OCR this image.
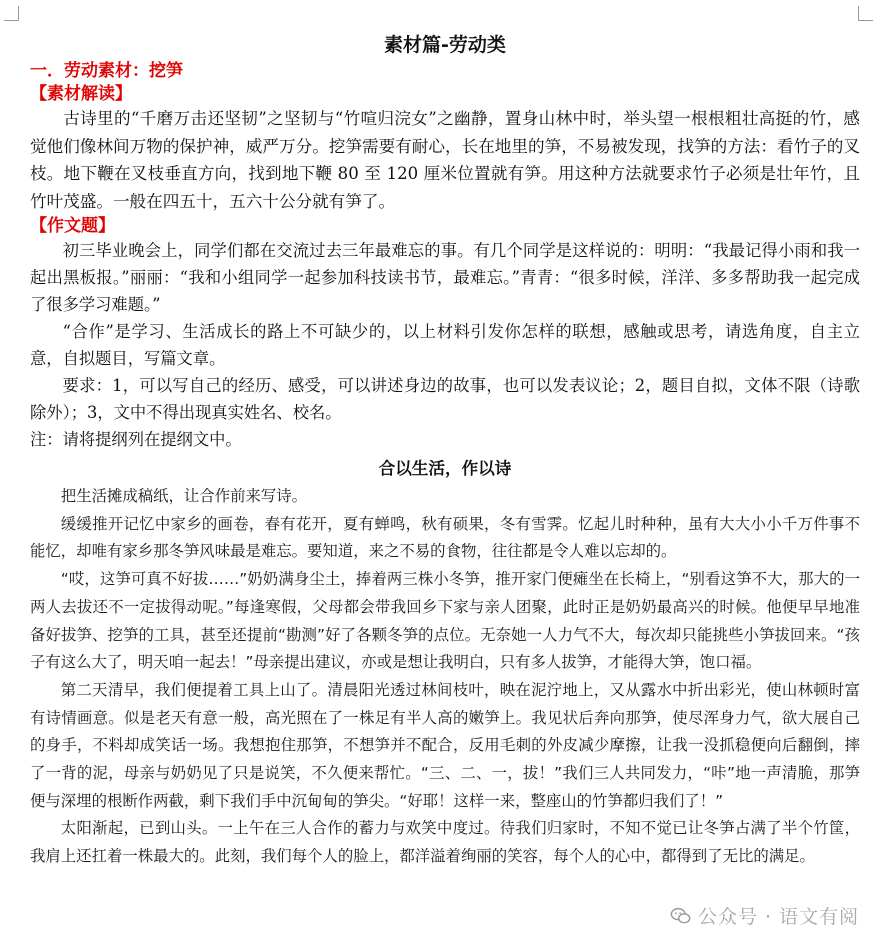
素材篇-劳动类
一．劳动素材：挖笋
【素材解读】

古诗里的“千磨万击还坚韧”之坚韧与“竹喧归浣女”之幽静，置身山林中时，举头望一根根粗壮高挺的竹，感觉他们像林间万物的保护神，威严万分。挖笋需要有耐心，长在地里的笋，不易被发现，找笋的方法：看竹子的叉枝。地下鞭在叉枝垂直方向，找到地下鞭 80 至 120 厘米位置就有笋。用这种方法就要求竹子必须是壮年竹，且竹叶茂盛。一般在四五十，五六十公分就有笋了。

【作文题】

初三毕业晚会上，同学们都在交流过去三年最难忘的事。有几个同学是这样说的：明明：“我最记得小雨和我一起出黑板报。”丽丽：“我和小组同学一起参加科技读书节，最难忘。”青青：“很多时候，洋洋、多多帮助我一起完成了很多学习难题。”

“合作”是学习、生活成长的路上不可缺少的，以上材料引发你怎样的联想，感触或思考，请选角度，自主立意，自拟题目，写篇文章。

要求：1，可以写自己的经历、感受，可以讲述身边的故事，也可以发表议论；2，题目自拟，文体不限（诗歌除外）；3，文中不得出现真实姓名、校名。

注：请将提纲列在提纲文中。

合以生活，作以诗

把生活摊成稿纸，让合作前来写诗。

缓缓推开记忆中家乡的画卷，春有花开，夏有蝉鸣，秋有硕果，冬有雪霁。忆起儿时种种，虽有大大小小千万件事不能忆，却唯有家乡那冬笋风味最是难忘。要知道，来之不易的食物，往往都是令人难以忘却的。

“哎，这笋可真不好拔……”奶奶满身尘土，捧着两三株小冬笋，推开家门便瘫坐在长椅上，“别看这笋不大，那大的一两人去拔还不一定拔得动呢。”每逢寒假，父母都会带我回乡下家与亲人团聚，此时正是奶奶最高兴的时候。他便早早地准备好拔笋、挖笋的工具，甚至还提前“勘测”好了各颗冬笋的点位。无奈她一人力气不大，每次却只能挑些小笋拔回来。“孩子有这么大了，明天咱一起去！”母亲提出建议，亦或是想让我明白，只有多人拔笋，才能得大笋，饱口福。

第二天清早，我们便提着工具上山了。清晨阳光透过林间枝叶，映在泥泞地上，又从露水中折出彩光，使山林顿时富有诗情画意。似是老天有意一般，高光照在了一株足有半人高的嫩笋上。我见状后奔向那笋，使尽浑身力气，欲大展自己的身手，不料却成笑话一场。我想抱住那笋，不想笋并不配合，反用毛刺的外皮减少摩擦，让我一没抓稳便向后翻倒，摔了一背的泥，母亲与奶奶见了只是说笑，不久便来帮忙。“三、二、一，拔！”我们三人共同发力，“咔”地一声清脆，那笋便与深埋的根断作两截，剩下我们手中沉甸甸的笋尖。“好耶！这样一来，整座山的竹笋都归我们了！”

太阳渐起，已到山头。一上午在三人合作的蓄力与欢笑中度过。待我们归家时，不知不觉已让冬笋占满了半个竹筐，我肩上还扛着一株最大的。此刻，我们每个人的脸上，都洋溢着绚丽的笑容，每个人的心中，都得到了无比的满足。

公众号 · 语文有阅
